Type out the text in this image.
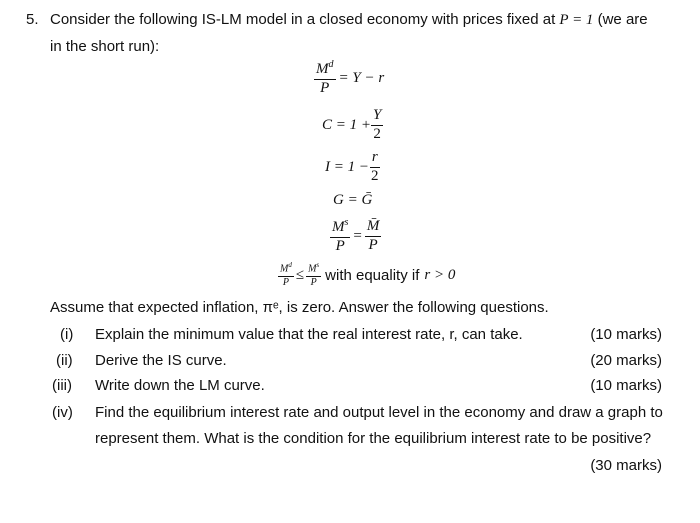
5. Consider the following IS-LM model in a closed economy with prices fixed at P = 1 (we are
in the short run):
$\frac{M^d}{P} = Y - r$
$C = 1 + \frac{Y}{2}$
$I = 1 - \frac{r}{2}$
G = Ḡ
$\frac{M^s}{P} = \frac{M̄}{P}$
$\frac{M^d}{P} \le \frac{M^s}{P}$ with equality if r > 0
Assume that expected inflation, πᵉ, is zero. Answer the following questions.
(i) Explain the minimum value that the real interest rate, r, can take.	(10 marks)
(ii) Derive the IS curve.	(20 marks)
(iii) Write down the LM curve.	(10 marks)
(iv) Find the equilibrium interest rate and output level in the economy and draw a graph to
represent them. What is the condition for the equilibrium interest rate to be positive?
(30 marks)
